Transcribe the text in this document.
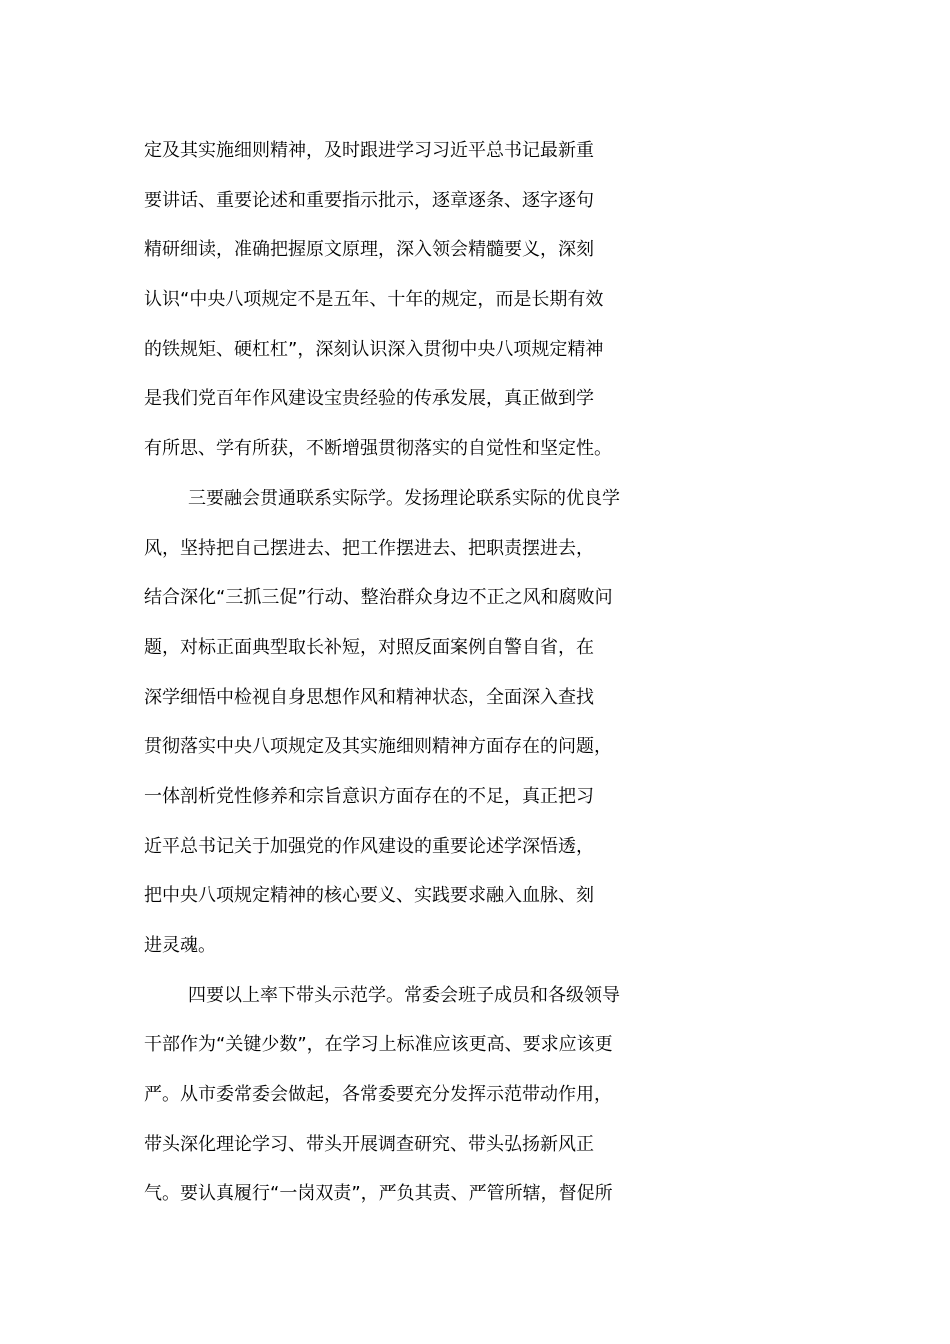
定及其实施细则精神，及时跟进学习习近平总书记最新重
要讲话、重要论述和重要指示批示，逐章逐条、逐字逐句
精研细读，准确把握原文原理，深入领会精髓要义，深刻
认识“中央八项规定不是五年、十年的规定，而是长期有效
的铁规矩、硬杠杠”，深刻认识深入贯彻中央八项规定精神
是我们党百年作风建设宝贵经验的传承发展，真正做到学
有所思、学有所获，不断增强贯彻落实的自觉性和坚定性。
三要融会贯通联系实际学。发扬理论联系实际的优良学
风，坚持把自己摆进去、把工作摆进去、把职责摆进去，
结合深化“三抓三促”行动、整治群众身边不正之风和腐败问
题，对标正面典型取长补短，对照反面案例自警自省，在
深学细悟中检视自身思想作风和精神状态，全面深入查找
贯彻落实中央八项规定及其实施细则精神方面存在的问题，
一体剖析党性修养和宗旨意识方面存在的不足，真正把习
近平总书记关于加强党的作风建设的重要论述学深悟透，
把中央八项规定精神的核心要义、实践要求融入血脉、刻
进灵魂。
四要以上率下带头示范学。常委会班子成员和各级领导
干部作为“关键少数”，在学习上标准应该更高、要求应该更
严。从市委常委会做起，各常委要充分发挥示范带动作用，
带头深化理论学习、带头开展调查研究、带头弘扬新风正
气。要认真履行“一岗双责”，严负其责、严管所辖，督促所
